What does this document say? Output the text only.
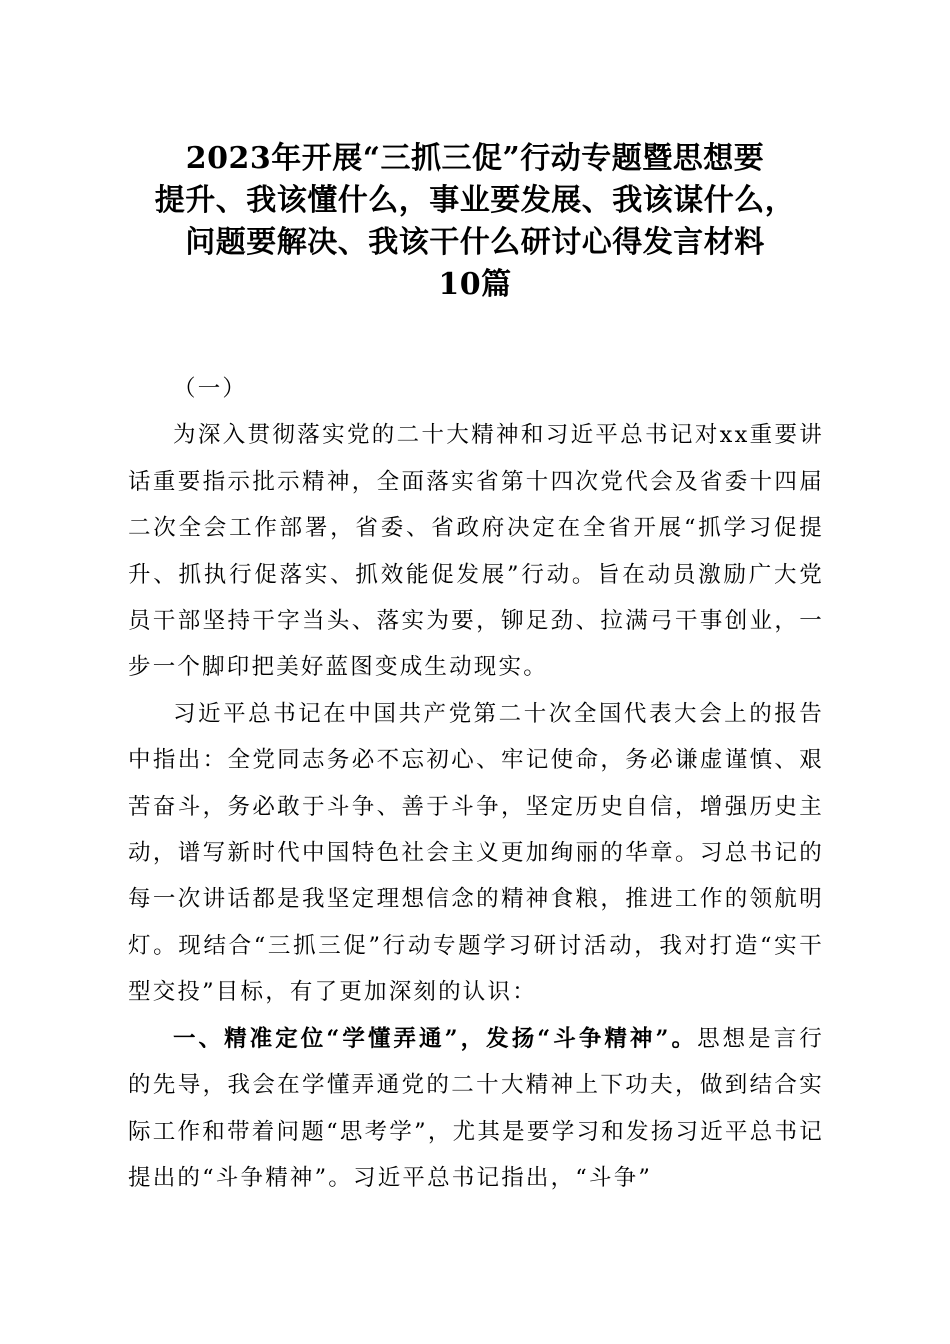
2023年开展“三抓三促”行动专题暨思想要
提升、我该懂什么，事业要发展、我该谋什么，
问题要解决、我该干什么研讨心得发言材料
10篇

（一）

为深入贯彻落实党的二十大精神和习近平总书记对xx重要讲话重要指示批示精神，全面落实省第十四次党代会及省委十四届二次全会工作部署，省委、省政府决定在全省开展“抓学习促提升、抓执行促落实、抓效能促发展”行动。旨在动员激励广大党员干部坚持干字当头、落实为要，铆足劲、拉满弓干事创业，一步一个脚印把美好蓝图变成生动现实。

习近平总书记在中国共产党第二十次全国代表大会上的报告中指出：全党同志务必不忘初心、牢记使命，务必谦虚谨慎、艰苦奋斗，务必敢于斗争、善于斗争，坚定历史自信，增强历史主动，谱写新时代中国特色社会主义更加绚丽的华章。习总书记的每一次讲话都是我坚定理想信念的精神食粮，推进工作的领航明灯。现结合“三抓三促”行动专题学习研讨活动，我对打造“实干型交投”目标，有了更加深刻的认识：

一、精准定位“学懂弄通”，发扬“斗争精神”。思想是言行的先导，我会在学懂弄通党的二十大精神上下功夫，做到结合实际工作和带着问题“思考学”，尤其是要学习和发扬习近平总书记提出的“斗争精神”。习近平总书记指出，“斗争”
